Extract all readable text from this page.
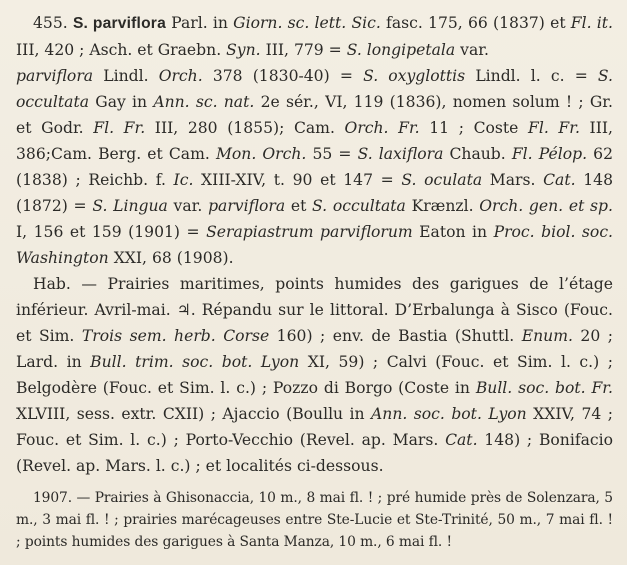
455. S. parviflora Parl. in Giorn. sc. lett. Sic. fasc. 175, 66 (1837) et Fl. it. III, 420 ; Asch. et Graebn. Syn. III, 779 = S. longipetala var.

parviflora Lindl. Orch. 378 (1830-40) = S. oxyglottis Lindl. l. c. = S. occultata Gay in Ann. sc. nat. 2e sér., VI, 119 (1836), nomen solum ! ; Gr. et Godr. Fl. Fr. III, 280 (1855); Cam. Orch. Fr. 11 ; Coste Fl. Fr. III, 386;Cam. Berg. et Cam. Mon. Orch. 55 = S. laxiflora Chaub. Fl. Pélop. 62 (1838) ; Reichb. f. Ic. XIII-XIV, t. 90 et 147 = S. oculata Mars. Cat. 148 (1872) = S. Lingua var. parviflora et S. occultata Krænzl. Orch. gen. et sp. I, 156 et 159 (1901) = Serapiastrum parviflorum Eaton in Proc. biol. soc. Washington XXI, 68 (1908).

Hab. — Prairies maritimes, points humides des garigues de l’étage inférieur. Avril-mai. ♃. Répandu sur le littoral. D’Erbalunga à Sisco (Fouc. et Sim. Trois sem. herb. Corse 160) ; env. de Bastia (Shuttl. Enum. 20 ; Lard. in Bull. trim. soc. bot. Lyon XI, 59) ; Calvi (Fouc. et Sim. l. c.) ; Belgodère (Fouc. et Sim. l. c.) ; Pozzo di Borgo (Coste in Bull. soc. bot. Fr. XLVIII, sess. extr. CXII) ; Ajaccio (Boullu in Ann. soc. bot. Lyon XXIV, 74 ; Fouc. et Sim. l. c.) ; Porto-Vecchio (Revel. ap. Mars. Cat. 148) ; Bonifacio (Revel. ap. Mars. l. c.) ; et localités ci-dessous.

1907. — Prairies à Ghisonaccia, 10 m., 8 mai fl. ! ; pré humide près de Solenzara, 5 m., 3 mai fl. ! ; prairies marécageuses entre Ste-Lucie et Ste-Trinité, 50 m., 7 mai fl. ! ; points humides des garigues à Santa Manza, 10 m., 6 mai fl. !
